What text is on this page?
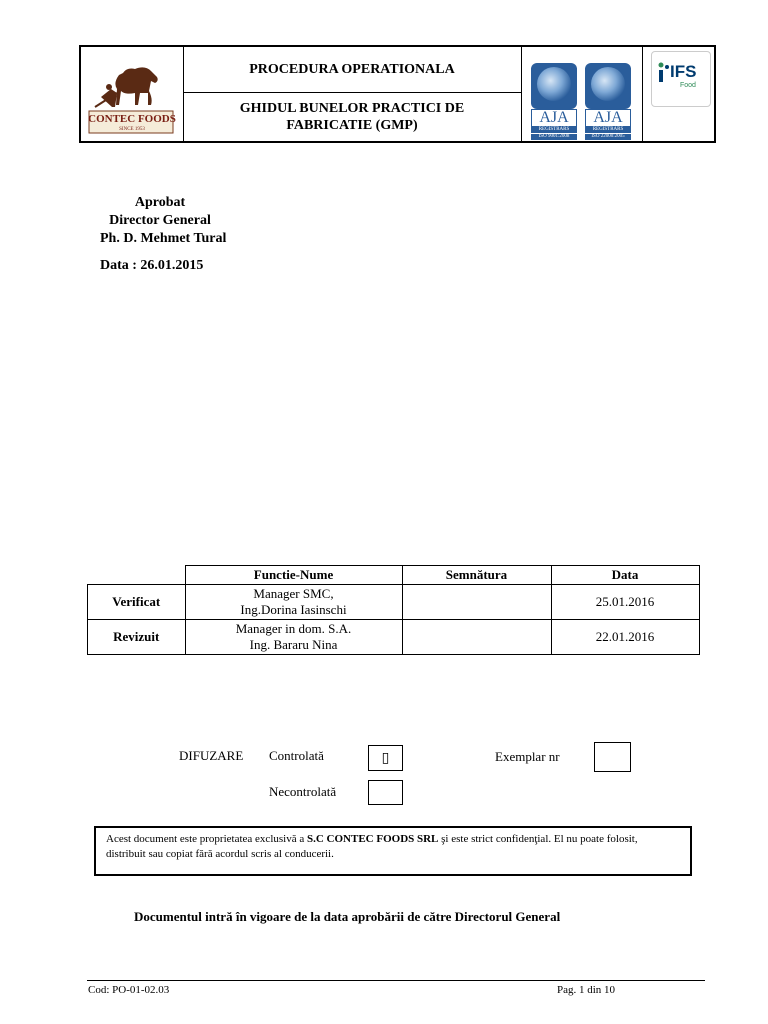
CONTEC FOODS
SINCE 1953
PROCEDURA OPERATIONALA
GHIDUL BUNELOR PRACTICI DE
FABRICATIE (GMP)	AJA
REGISTRARS
ISO 9001:2008
AJA
REGISTRARS
ISO 22000:2005
IFS
Food
Aprobat
Director General
Ph. D. Mehmet Tural
Data : 26.01.2015
	Functie-Nume	Semnătura	Data
Verificat	Manager SMC,
Ing.Dorina Iasinschi		25.01.2016
Revizuit	Manager in dom. S.A.
Ing. Bararu Nina		22.01.2016
DIFUZARE Controlată	▯	Exemplar nr
Necontrolată
Acest document este proprietatea exclusivă a S.C CONTEC FOODS SRL şi este strict confidenţial. El nu poate folosit, distribuit sau copiat fără acordul scris al conducerii.
Documentul intră în vigoare de la data aprobării de către Directorul General
Cod: PO-01-02.03	Pag. 1 din 10
